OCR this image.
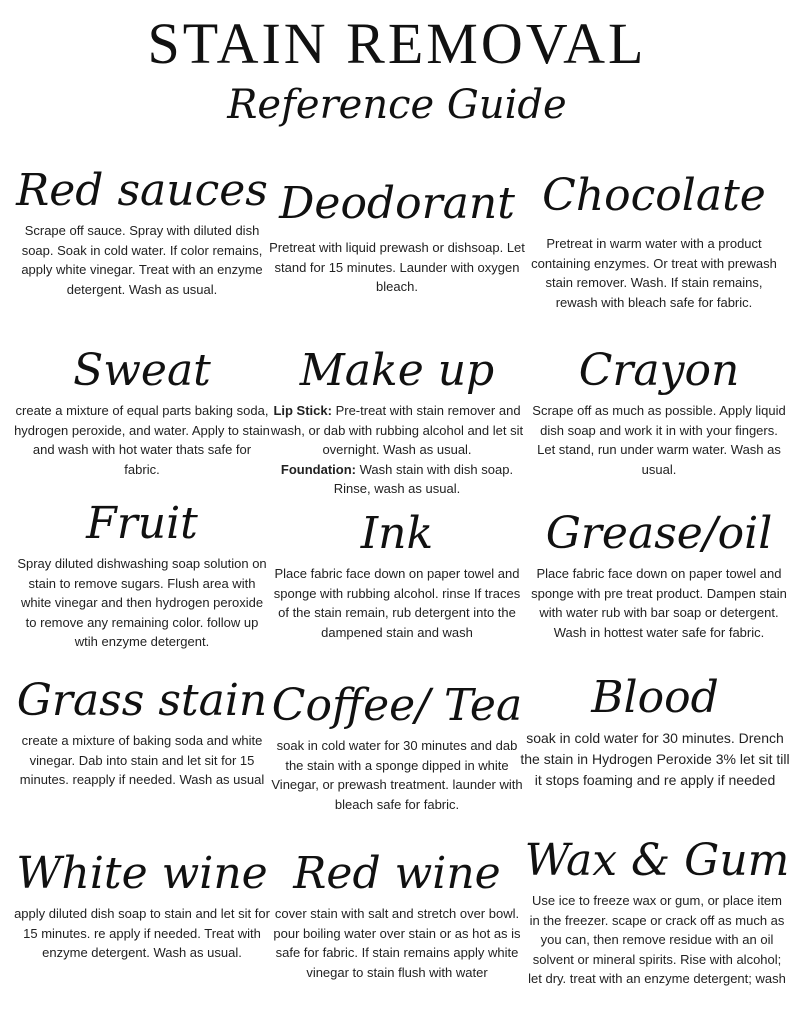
STAIN REMOVAL
Reference Guide
Red sauces
Scrape off sauce. Spray with diluted dish soap. Soak in cold water. If color remains, apply white vinegar. Treat with an enzyme detergent. Wash as usual.
Deodorant
Pretreat with liquid prewash or dishsoap. Let stand for 15 minutes. Launder with oxygen bleach.
Chocolate
Pretreat in warm water with a product containing enzymes. Or treat with prewash stain remover. Wash. If stain remains, rewash with bleach safe for fabric.
Sweat
create a mixture of equal parts baking soda, hydrogen peroxide, and water. Apply to stain and wash with hot water thats safe for fabric.
Make up
Lip Stick: Pre-treat with stain remover and wash, or dab with rubbing alcohol and let sit overnight. Wash as usual.
Foundation: Wash stain with dish soap. Rinse, wash as usual.
Crayon
Scrape off as much as possible. Apply liquid dish soap and work it in with your fingers. Let stand, run under warm water. Wash as usual.
Fruit
Spray diluted dishwashing soap solution on stain to remove sugars. Flush area with white vinegar and then hydrogen peroxide to remove any remaining color. follow up wtih enzyme detergent.
Ink
Place fabric face down on paper towel and sponge with rubbing alcohol. rinse If traces of the stain remain, rub detergent into the dampened stain and wash
Grease/oil
Place fabric face down on paper towel and sponge with pre treat product. Dampen stain with water rub with bar soap or detergent. Wash in hottest water safe for fabric.
Grass stain
create a mixture of baking soda and white vinegar. Dab into stain and let sit for 15 minutes. reapply if needed. Wash as usual
Coffee/ Tea
soak in cold water for 30 minutes and dab the stain with a sponge dipped in white Vinegar, or prewash treatment. launder with bleach safe for fabric.
Blood
soak in cold water for 30 minutes. Drench the stain in Hydrogen Peroxide 3% let sit till it stops foaming and re apply if needed
White wine
apply diluted dish soap to stain and let sit for 15 minutes. re apply if needed. Treat with enzyme detergent. Wash as usual.
Red wine
cover stain with salt and stretch over bowl. pour boiling water over stain or as hot as is safe for fabric. If stain remains apply white vinegar to stain flush with water
Wax & Gum
Use ice to freeze wax or gum, or place item in the freezer. scape or crack off as much as you can, then remove residue with an oil solvent or mineral spirits. Rise with alcohol; let dry. treat with an enzyme detergent; wash
